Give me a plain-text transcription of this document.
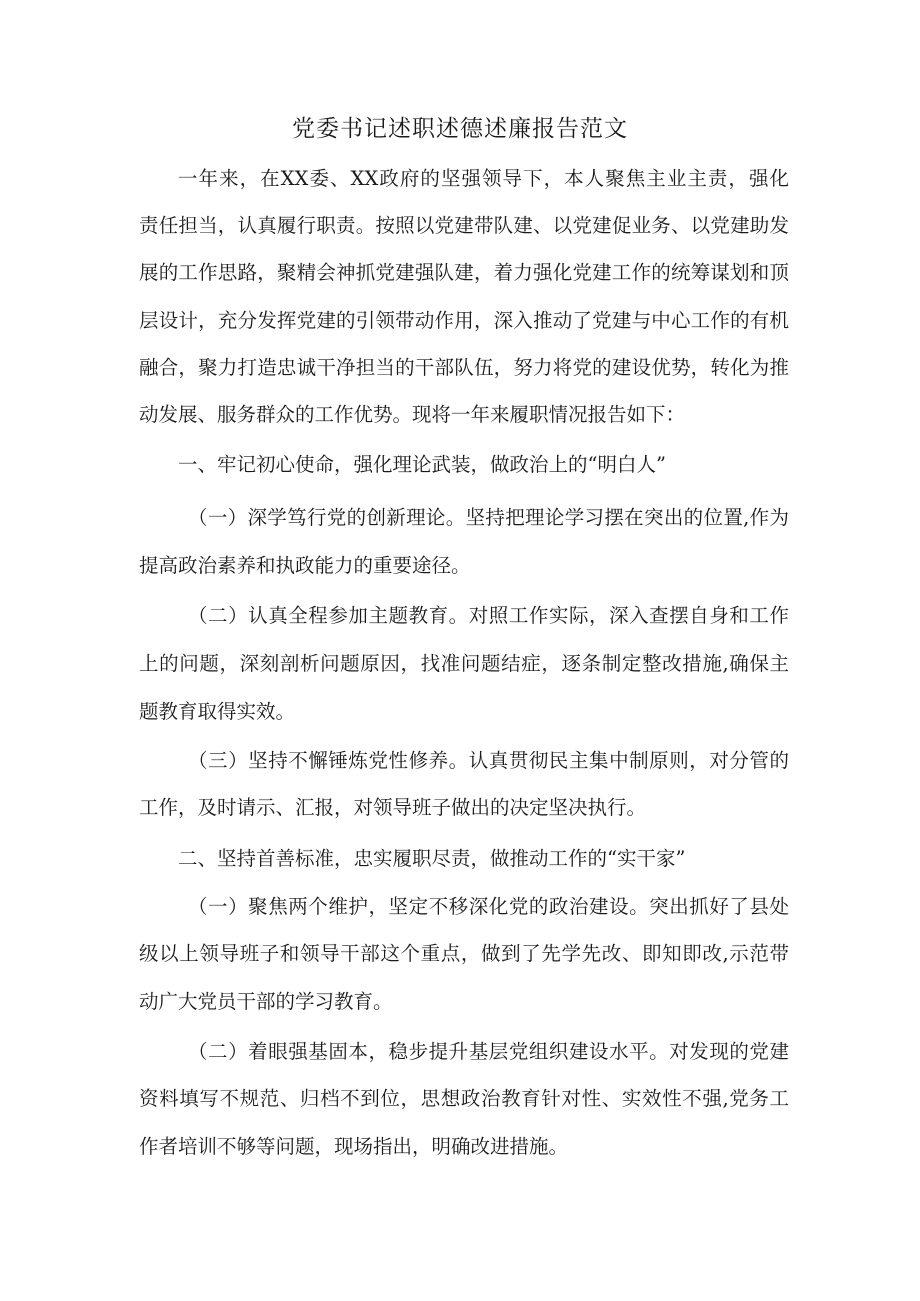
党委书记述职述德述廉报告范文
一年来，在XX委、XX政府的坚强领导下，本人聚焦主业主责，强化
责任担当，认真履行职责。按照以党建带队建、以党建促业务、以党建助发
展的工作思路，聚精会神抓党建强队建，着力强化党建工作的统筹谋划和顶
层设计，充分发挥党建的引领带动作用，深入推动了党建与中心工作的有机
融合，聚力打造忠诚干净担当的干部队伍，努力将党的建设优势，转化为推
动发展、服务群众的工作优势。现将一年来履职情况报告如下：
一、牢记初心使命，强化理论武装，做政治上的“明白人”
（一）深学笃行党的创新理论。坚持把理论学习摆在突出的位置,作为
提高政治素养和执政能力的重要途径。
（二）认真全程参加主题教育。对照工作实际，深入查摆自身和工作
上的问题，深刻剖析问题原因，找准问题结症，逐条制定整改措施,确保主
题教育取得实效。
（三）坚持不懈锤炼党性修养。认真贯彻民主集中制原则，对分管的
工作，及时请示、汇报，对领导班子做出的决定坚决执行。
二、坚持首善标准，忠实履职尽责，做推动工作的“实干家”
（一）聚焦两个维护，坚定不移深化党的政治建设。突出抓好了县处
级以上领导班子和领导干部这个重点，做到了先学先改、即知即改,示范带
动广大党员干部的学习教育。
（二）着眼强基固本，稳步提升基层党组织建设水平。对发现的党建
资料填写不规范、归档不到位，思想政治教育针对性、实效性不强,党务工
作者培训不够等问题，现场指出，明确改进措施。
